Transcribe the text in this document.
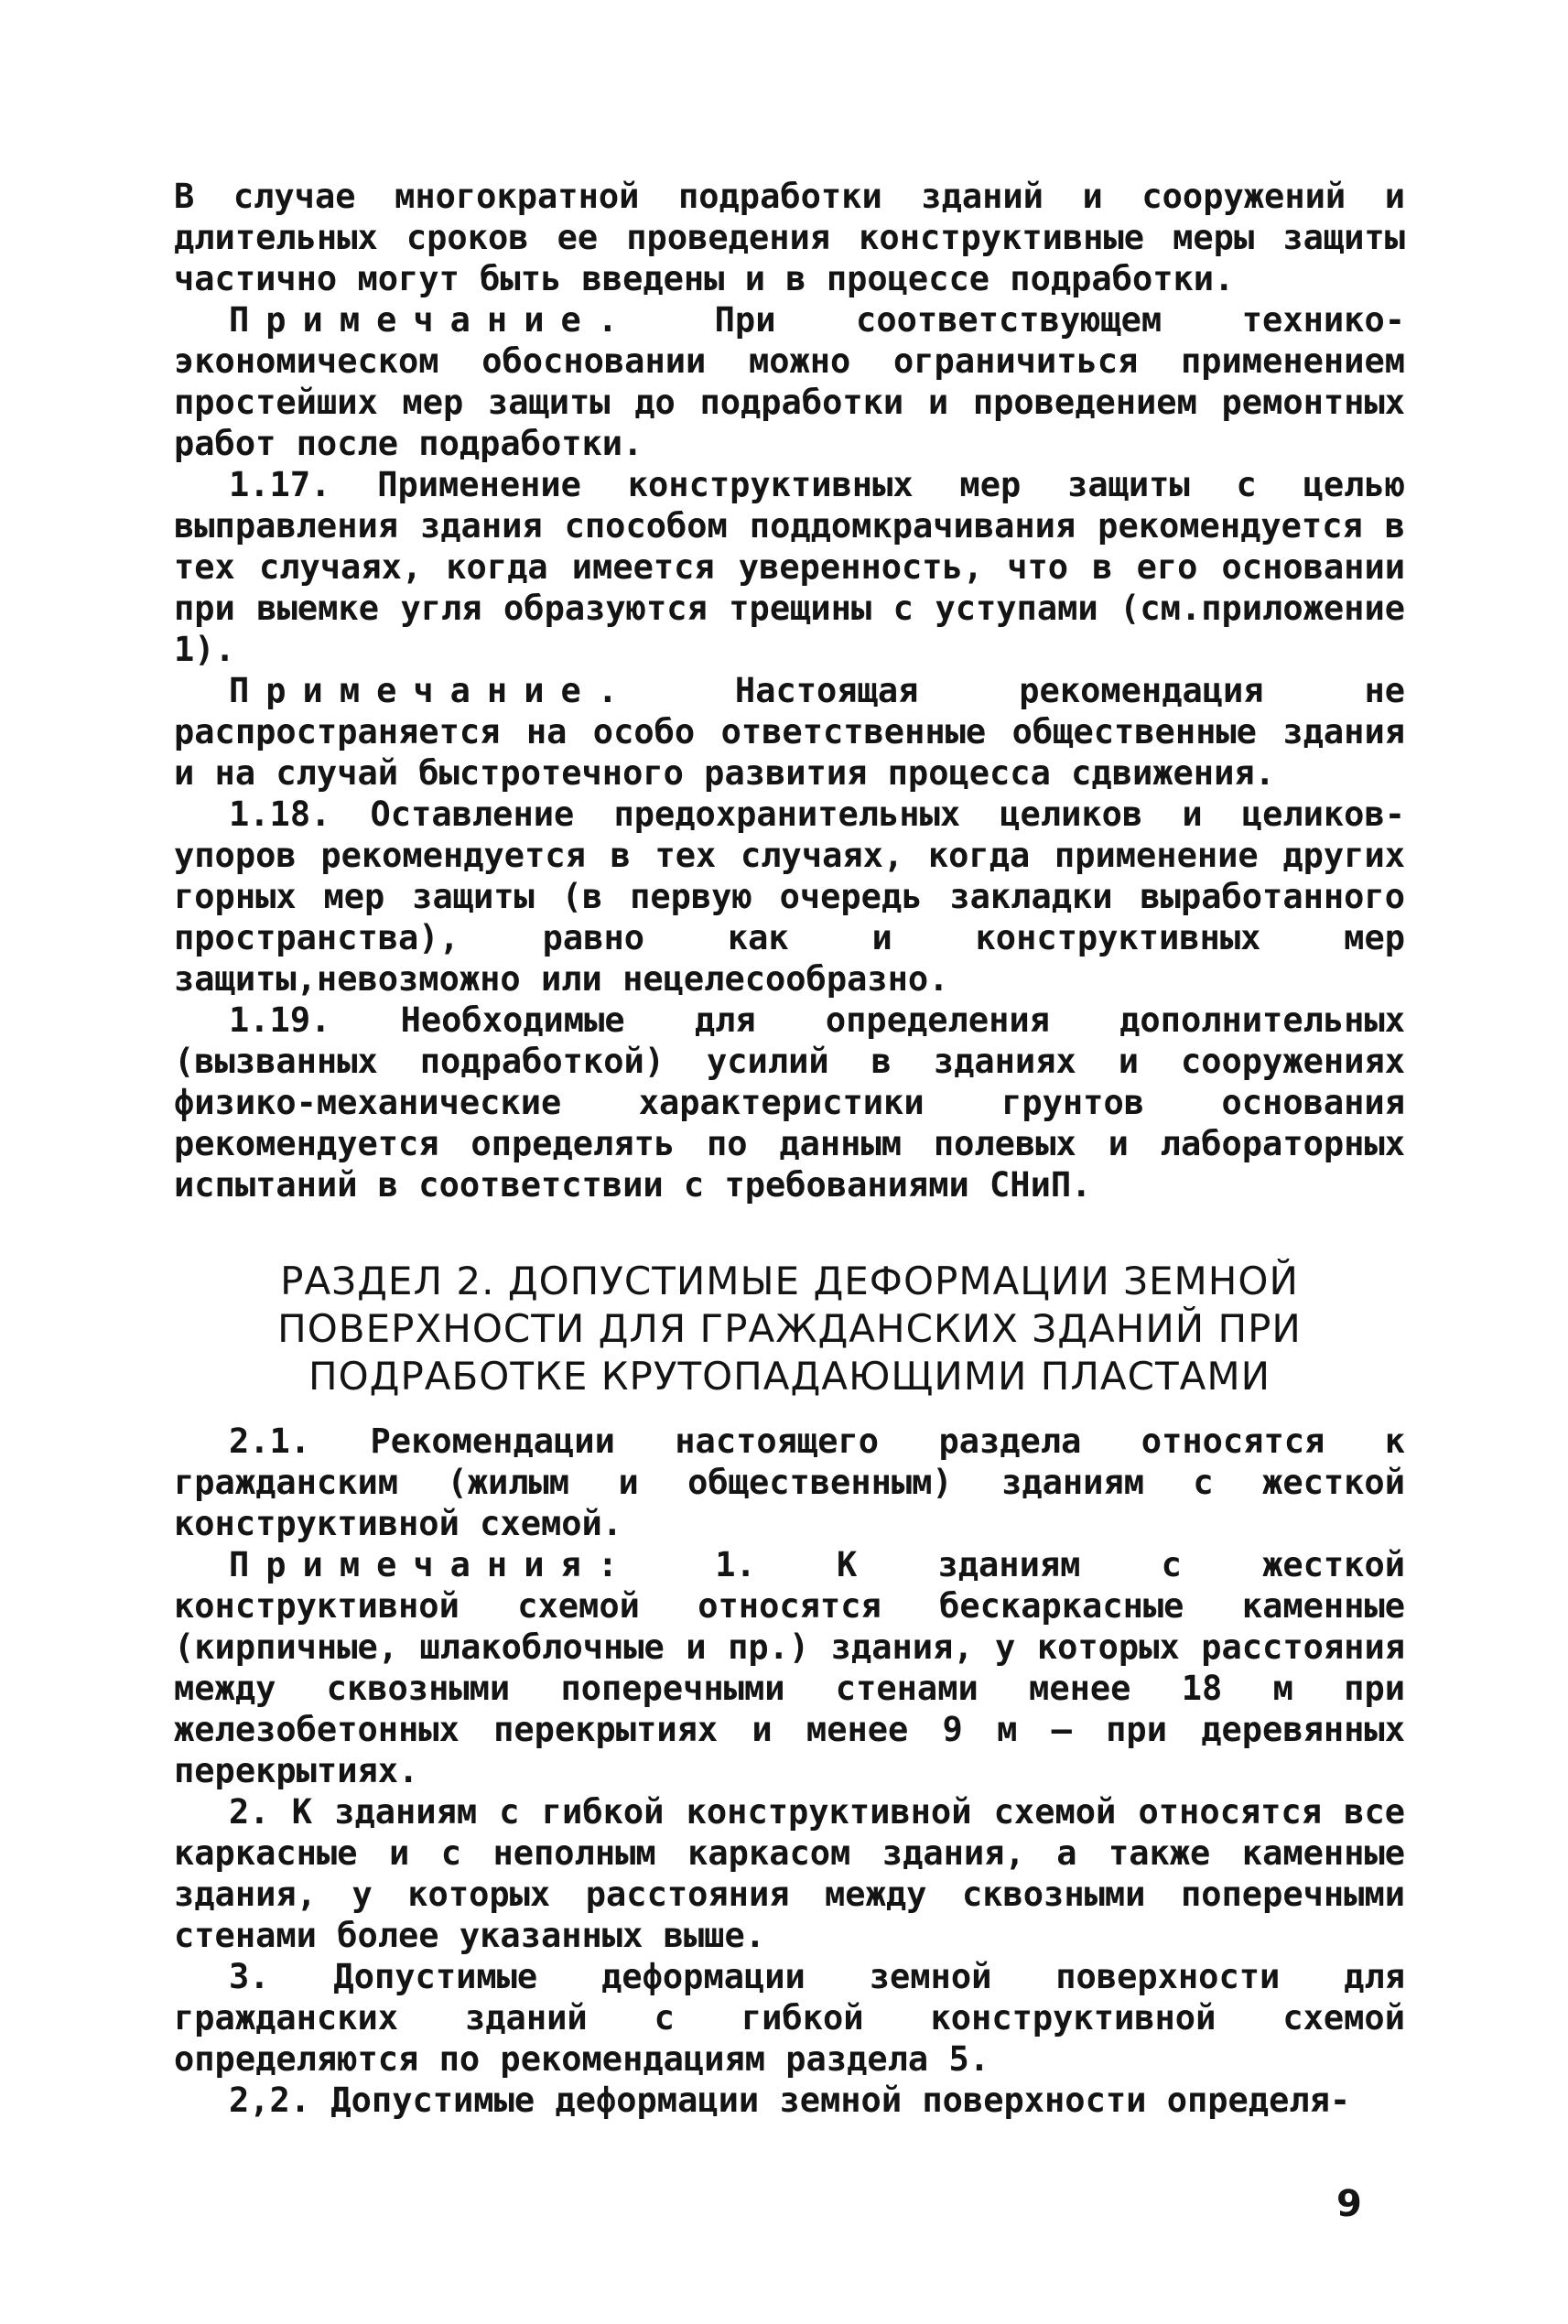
В случае многократной подработки зданий и сооружений и длительных сроков ее проведения конструктивные меры защиты частично могут быть введены и в процессе подработки.

Примечание. При соответствующем технико-экономическом обосновании можно ограничиться применением простейших мер защиты до подработки и проведением ремонтных работ после подработки.

1.17. Применение конструктивных мер защиты с целью выправления здания способом поддомкрачивания рекомендуется в тех случаях, когда имеется уверенность, что в его основании при выемке угля образуются трещины с уступами (см.приложение 1).

Примечание.	Настоящая рекомендация не распространяется на особо ответственные общественные здания и на случай быстротечного развития процесса сдвижения.

1.18. Оставление предохранительных целиков и целиков-упоров рекомендуется в тех случаях, когда применение других горных мер защиты (в первую очередь закладки выработанного пространства), равно как и конструктивных мер защиты,невозможно или нецелесообразно.

1.19. Необходимые для определения дополнительных (вызванных подработкой) усилий в зданиях и сооружениях физико-механические характеристики грунтов основания рекомендуется определять по данным полевых и лабораторных испытаний в соответствии с требованиями СНиП.

РАЗДЕЛ 2. ДОПУСТИМЫЕ ДЕФОРМАЦИИ ЗЕМНОЙ
ПОВЕРХНОСТИ ДЛЯ ГРАЖДАНСКИХ ЗДАНИЙ ПРИ
ПОДРАБОТКЕ КРУТОПАДАЮЩИМИ ПЛАСТАМИ

2.1. Рекомендации настоящего раздела относятся к гражданским (жилым и общественным) зданиям с жесткой конструктивной схемой.

Примечания: 1. К зданиям с жесткой конструктивной схемой относятся бескаркасные каменные (кирпичные, шлакоблочные и пр.) здания, у которых расстояния между сквозными поперечными стенами менее 18 м при железобетонных перекрытиях и менее 9 м – при деревянных перекрытиях.

2. К зданиям с гибкой конструктивной схемой относятся все каркасные и с неполным каркасом здания, а также каменные здания, у которых расстояния между сквозными поперечными стенами более указанных выше.

3. Допустимые деформации земной поверхности для гражданских зданий с гибкой конструктивной схемой определяются по рекомендациям раздела 5.

2,2. Допустимые деформации земной поверхности определя-

9
